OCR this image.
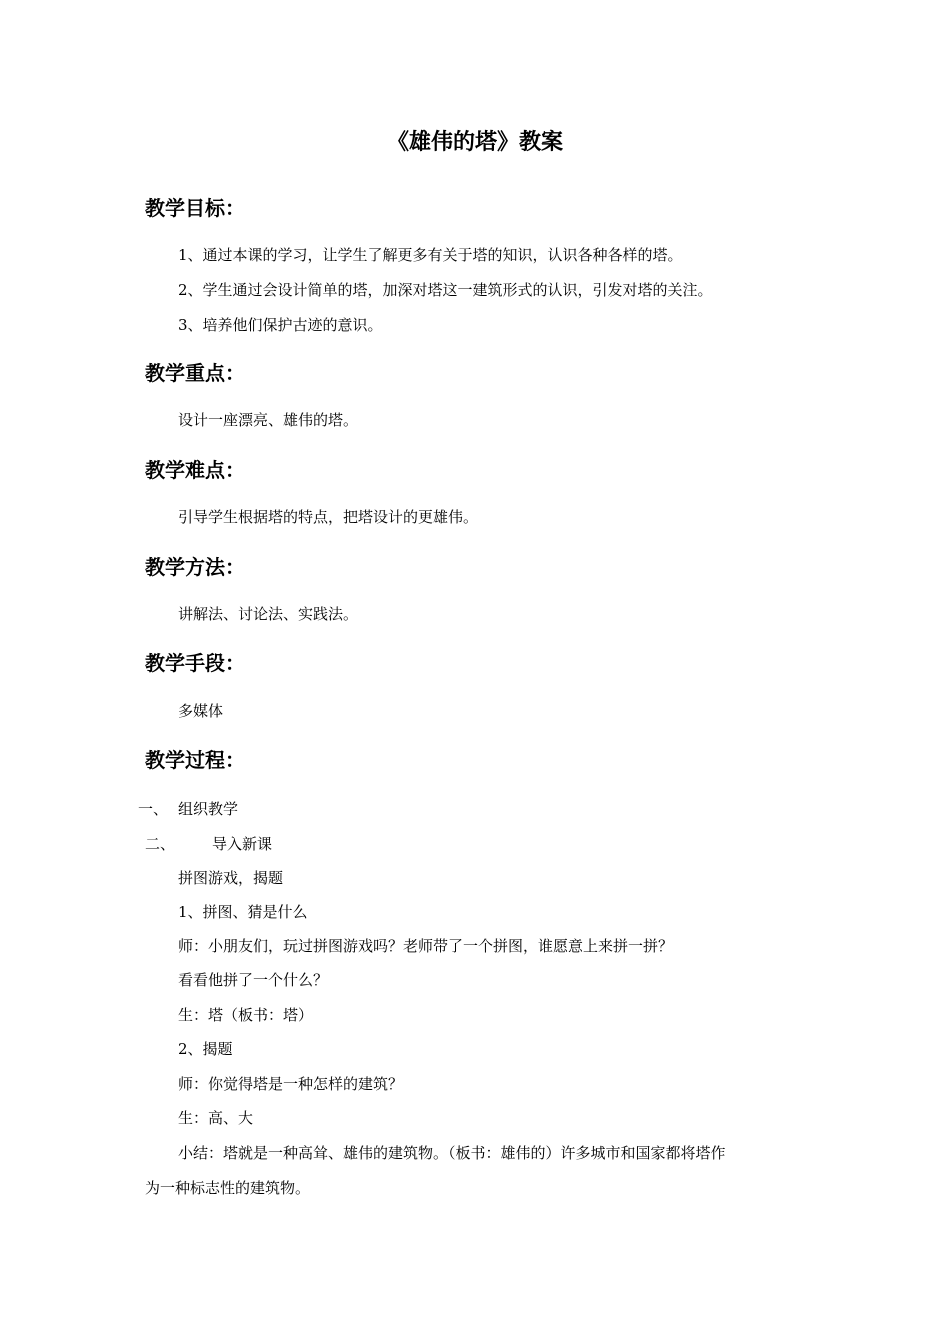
《雄伟的塔》教案
教学目标：
1、通过本课的学习，让学生了解更多有关于塔的知识，认识各种各样的塔。
2、学生通过会设计简单的塔，加深对塔这一建筑形式的认识，引发对塔的关注。
3、培养他们保护古迹的意识。
教学重点：
设计一座漂亮、雄伟的塔。
教学难点：
引导学生根据塔的特点，把塔设计的更雄伟。
教学方法：
讲解法、讨论法、实践法。
教学手段：
多媒体
教学过程：
一、 组织教学
二、 导入新课
拼图游戏，揭题
1、拼图、猜是什么
师：小朋友们，玩过拼图游戏吗？老师带了一个拼图，谁愿意上来拼一拼？
看看他拼了一个什么？
生：塔（板书：塔）
2、揭题
师：你觉得塔是一种怎样的建筑？
生：高、大
小结：塔就是一种高耸、雄伟的建筑物。（板书：雄伟的）许多城市和国家都将塔作
为一种标志性的建筑物。
